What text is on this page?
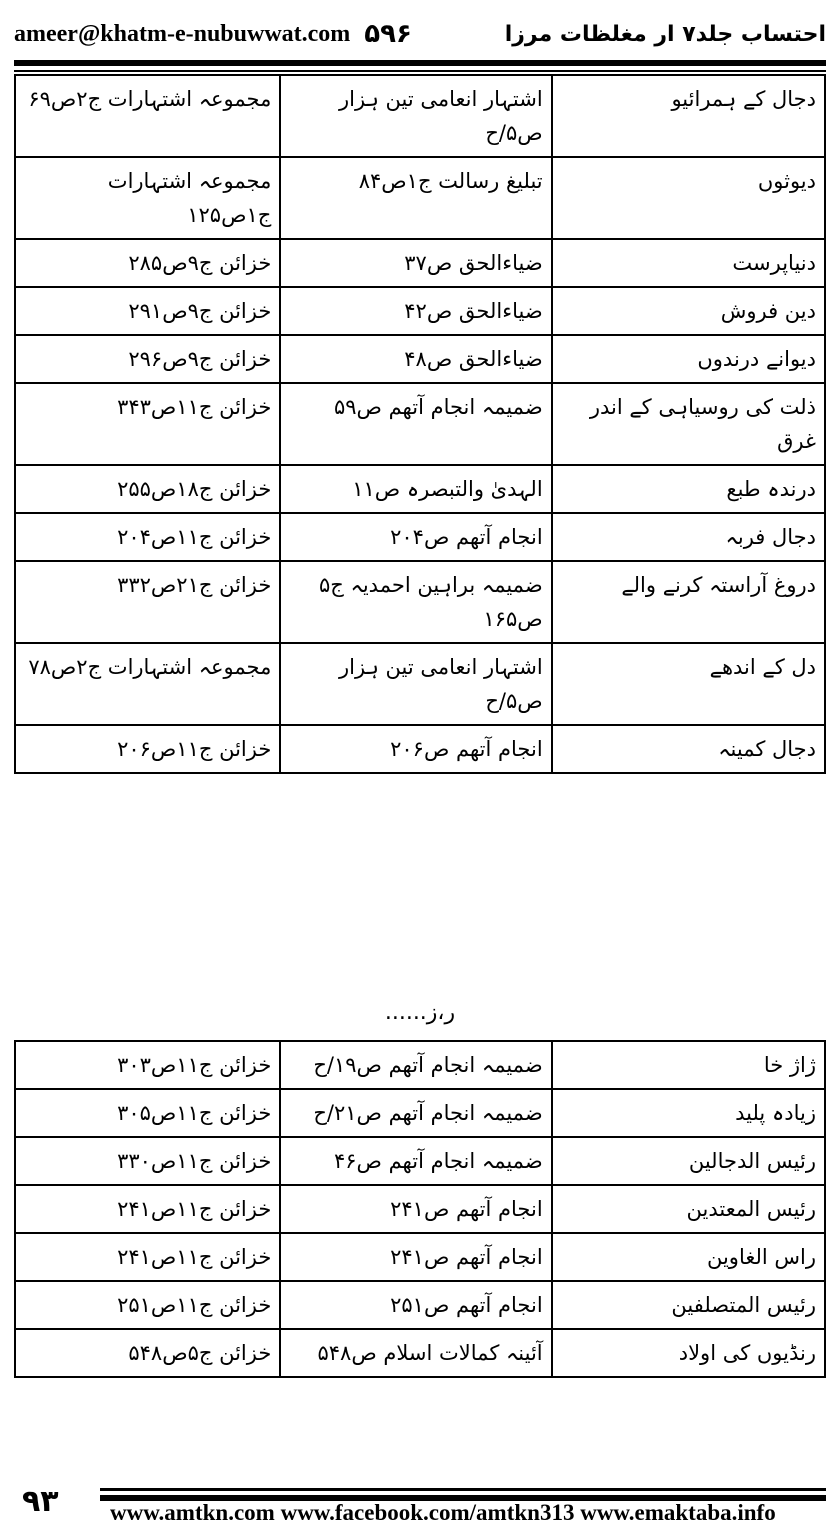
ameer@khatm-e-nubuwwat.com ۵۹۶	احتساب جلد۷ ار مغلظات مرزا
دجال کے ہمرائیو	اشتہار انعامی تین ہزار ص۵/ح	مجموعہ اشتہارات ج۲ص۶۹
دیوثوں	تبلیغ رسالت ج۱ص۸۴	مجموعہ اشتہارات ج۱ص۱۲۵
دنیاپرست	ضیاءالحق ص۳۷	خزائن ج۹ص۲۸۵
دین فروش	ضیاءالحق ص۴۲	خزائن ج۹ص۲۹۱
دیوانے درندوں	ضیاءالحق ص۴۸	خزائن ج۹ص۲۹۶
ذلت کی روسیاہی کے اندر غرق	ضمیمہ انجام آتھم ص۵۹	خزائن ج۱۱ص۳۴۳
درندہ طبع	الہدیٰ والتبصرہ ص۱۱	خزائن ج۱۸ص۲۵۵
دجال فربہ	انجام آتھم ص۲۰۴	خزائن ج۱۱ص۲۰۴
دروغ آراستہ کرنے والے	ضمیمہ براہین احمدیہ ج۵ ص۱۶۵	خزائن ج۲۱ص۳۳۲
دل کے اندھے	اشتہار انعامی تین ہزار ص۵/ح	مجموعہ اشتہارات ج۲ص۷۸
دجال کمینہ	انجام آتھم ص۲۰۶	خزائن ج۱۱ص۲۰۶
ر،ز......
ژاژ خا	ضمیمہ انجام آتھم ص۱۹/ح	خزائن ج۱۱ص۳۰۳
زیادہ پلید	ضمیمہ انجام آتھم ص۲۱/ح	خزائن ج۱۱ص۳۰۵
رئیس الدجالین	ضمیمہ انجام آتھم ص۴۶	خزائن ج۱۱ص۳۳۰
رئیس المعتدین	انجام آتھم ص۲۴۱	خزائن ج۱۱ص۲۴۱
راس الغاوین	انجام آتھم ص۲۴۱	خزائن ج۱۱ص۲۴۱
رئیس المتصلفین	انجام آتھم ص۲۵۱	خزائن ج۱۱ص۲۵۱
رنڈیوں کی اولاد	آئینہ کمالات اسلام ص۵۴۸	خزائن ج۵ص۵۴۸
۹۳ www.amtkn.com www.facebook.com/amtkn313 www.emaktaba.info
